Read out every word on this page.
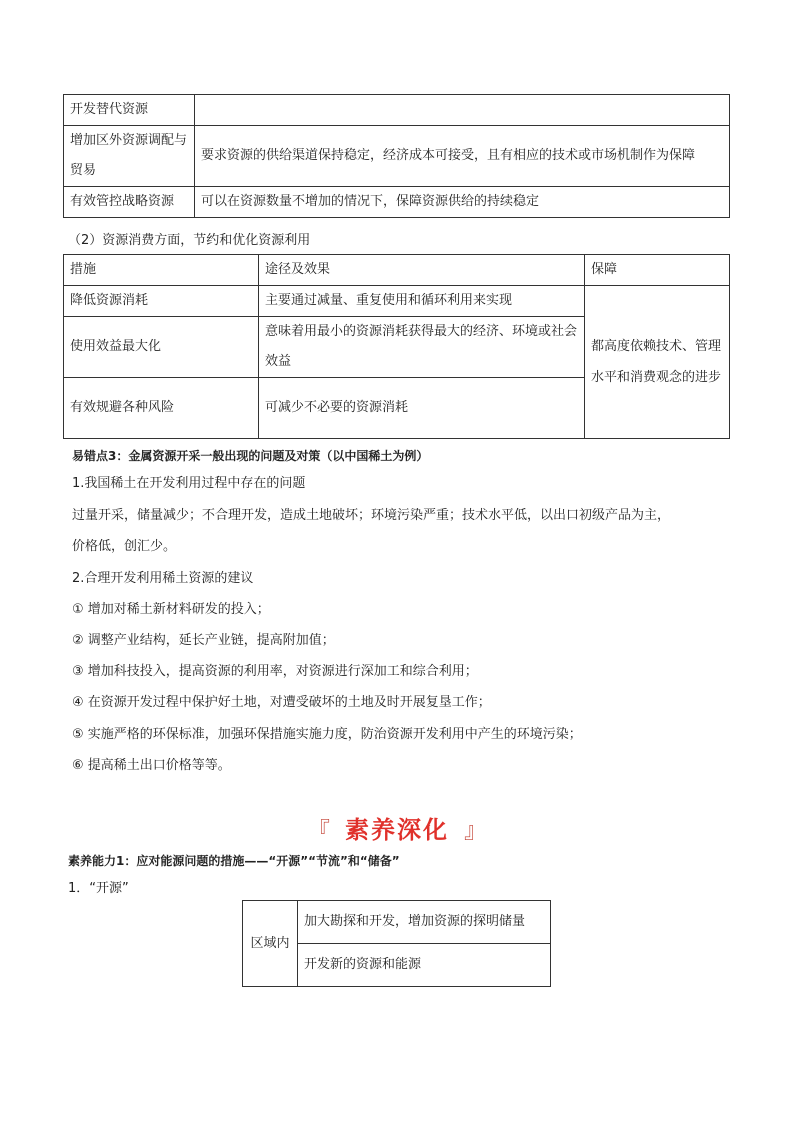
开发替代资源	
增加区外资源调配与贸易	要求资源的供给渠道保持稳定，经济成本可接受，且有相应的技术或市场机制作为保障
有效管控战略资源	可以在资源数量不增加的情况下，保障资源供给的持续稳定
（2）资源消费方面，节约和优化资源利用
措施	途径及效果	保障
降低资源消耗	主要通过减量、重复使用和循环利用来实现	都高度依赖技术、管理水平和消费观念的进步
使用效益最大化	意味着用最小的资源消耗获得最大的经济、环境或社会效益	
有效规避各种风险	可减少不必要的资源消耗	
易错点3：金属资源开采一般出现的问题及对策（以中国稀土为例）
1.我国稀土在开发利用过程中存在的问题
过量开采，储量减少；不合理开发，造成土地破坏；环境污染严重；技术水平低，以出口初级产品为主，
价格低，创汇少。
2.合理开发利用稀土资源的建议
① 增加对稀土新材料研发的投入；
② 调整产业结构，延长产业链，提高附加值；
③ 增加科技投入，提高资源的利用率，对资源进行深加工和综合利用；
④ 在资源开发过程中保护好土地，对遭受破坏的土地及时开展复垦工作；
⑤ 实施严格的环保标准，加强环保措施实施力度，防治资源开发利用中产生的环境污染；
⑥ 提高稀土出口价格等等。
『 素养深化 』
素养能力1：应对能源问题的措施——“开源”“节流”和“储备”
1．“开源”
区域内	加大勘探和开发，增加资源的探明储量
开发新的资源和能源
